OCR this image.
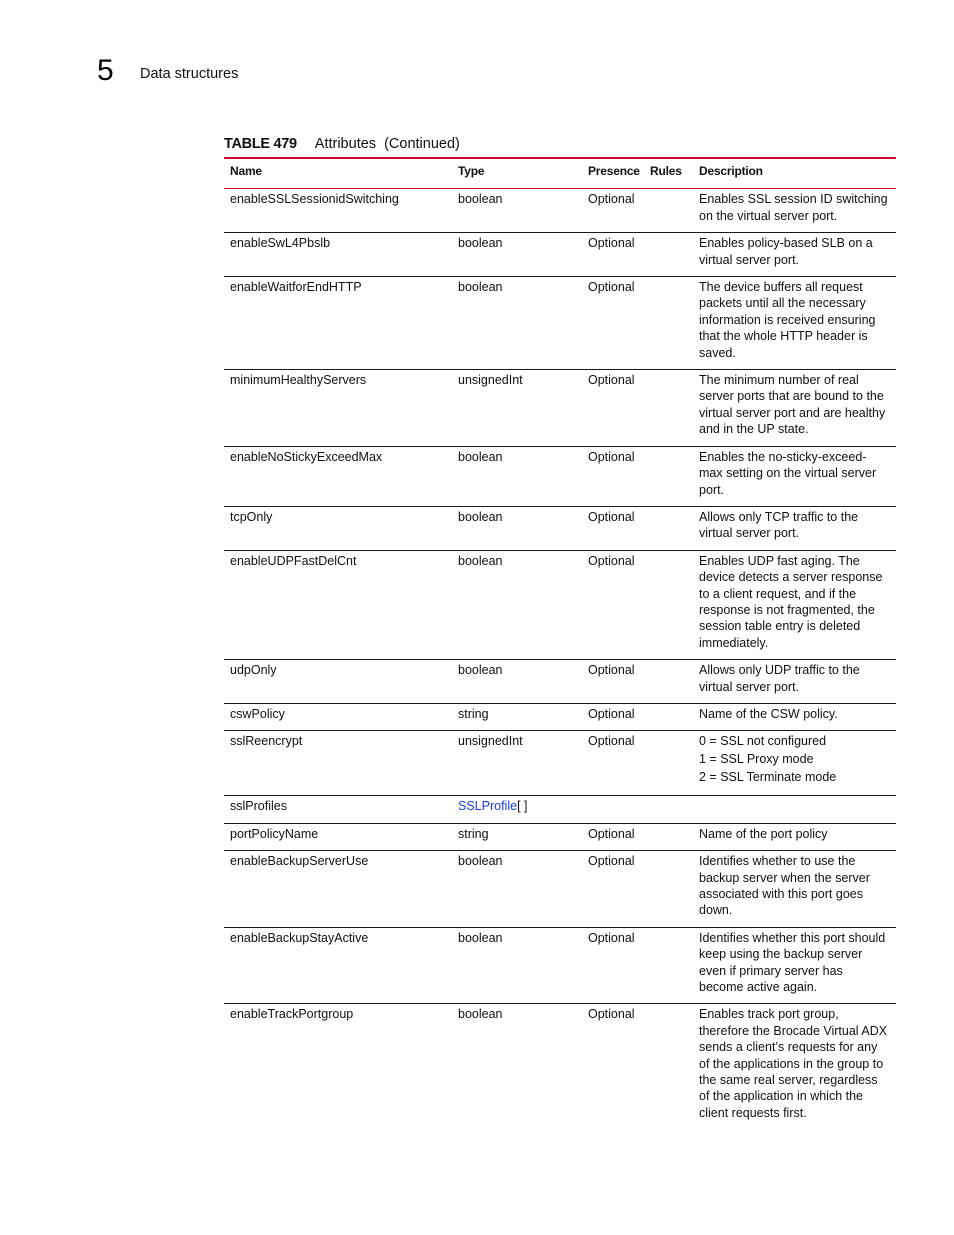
5 Data structures
TABLE 479 Attributes  (Continued)
Name	Type	Presence	Rules	Description
enableSSLSessionidSwitching	boolean	Optional		Enables SSL session ID switching on the virtual server port.
enableSwL4Pbslb	boolean	Optional		Enables policy-based SLB on a virtual server port.
enableWaitforEndHTTP	boolean	Optional		The device buffers all request packets until all the necessary information is received ensuring that the whole HTTP header is saved.
minimumHealthyServers	unsignedInt	Optional		The minimum number of real server ports that are bound to the virtual server port and are healthy and in the UP state.
enableNoStickyExceedMax	boolean	Optional		Enables the no-sticky-exceed-max setting on the virtual server port.
tcpOnly	boolean	Optional		Allows only TCP traffic to the virtual server port.
enableUDPFastDelCnt	boolean	Optional		Enables UDP fast aging. The device detects a server response to a client request, and if the response is not fragmented, the session table entry is deleted immediately.
udpOnly	boolean	Optional		Allows only UDP traffic to the virtual server port.
cswPolicy	string	Optional		Name of the CSW policy.
sslReencrypt	unsignedInt	Optional		0 = SSL not configured
1 = SSL Proxy mode
2 = SSL Terminate mode

sslProfiles	SSLProfile[ ]			
portPolicyName	string	Optional		Name of the port policy
enableBackupServerUse	boolean	Optional		Identifies whether to use the backup server when the server associated with this port goes down.
enableBackupStayActive	boolean	Optional		Identifies whether this port should keep using the backup server even if primary server has become active again.
enableTrackPortgroup	boolean	Optional		Enables track port group, therefore the Brocade Virtual ADX sends a client’s requests for any of the applications in the group to the same real server, regardless of the application in which the client requests first.
